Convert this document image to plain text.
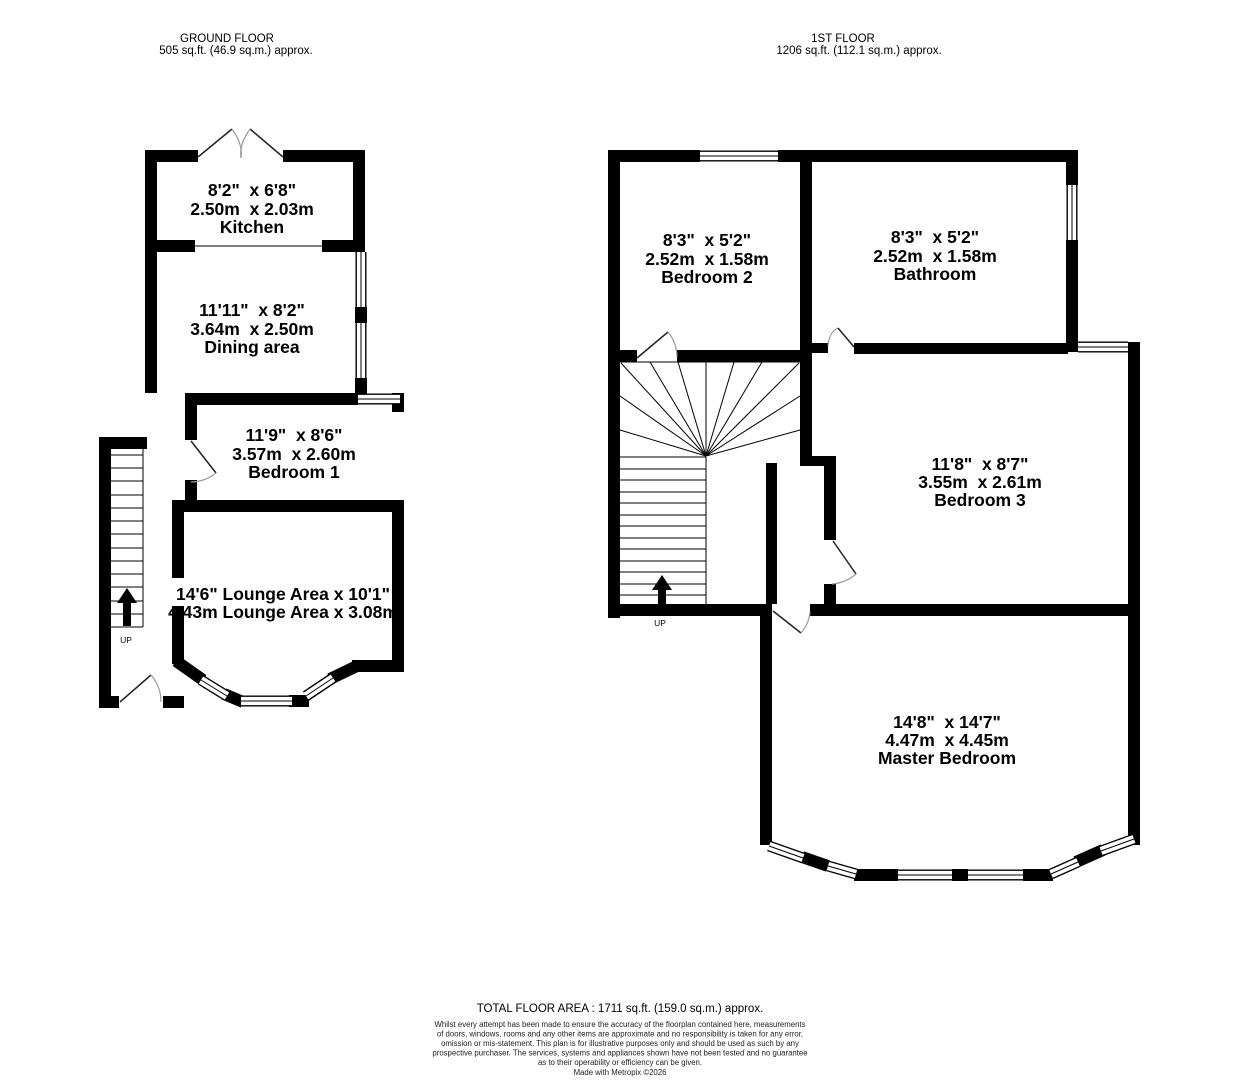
GROUND FLOOR
505 sq.ft. (46.9 sq.m.) approx.
UP
8'2"  x 6'8"
2.50m  x 2.03m
Kitchen
11'11"  x 8'2"
3.64m  x 2.50m
Dining area
11'9"  x 8'6"
3.57m  x 2.60m
Bedroom 1
14'6" Lounge Area x 10'1"
4.43m Lounge Area x 3.08m
1ST FLOOR
1206 sq.ft. (112.1 sq.m.) approx.
UP
8'3"  x 5'2"
2.52m  x 1.58m
Bedroom 2
8'3"  x 5'2"
2.52m  x 1.58m
Bathroom
11'8"  x 8'7"
3.55m  x 2.61m
Bedroom 3
14'8"  x 14'7"
4.47m  x 4.45m
Master Bedroom
TOTAL FLOOR AREA : 1711 sq.ft. (159.0 sq.m.) approx.
Whilst every attempt has been made to ensure the accuracy of the floorplan contained here, measurements
of doors, windows, rooms and any other items are approximate and no responsibility is taken for any error,
omission or mis-statement. This plan is for illustrative purposes only and should be used as such by any
prospective purchaser. The services, systems and appliances shown have not been tested and no guarantee
as to their operability or efficiency can be given.
Made with Metropix ©2026
